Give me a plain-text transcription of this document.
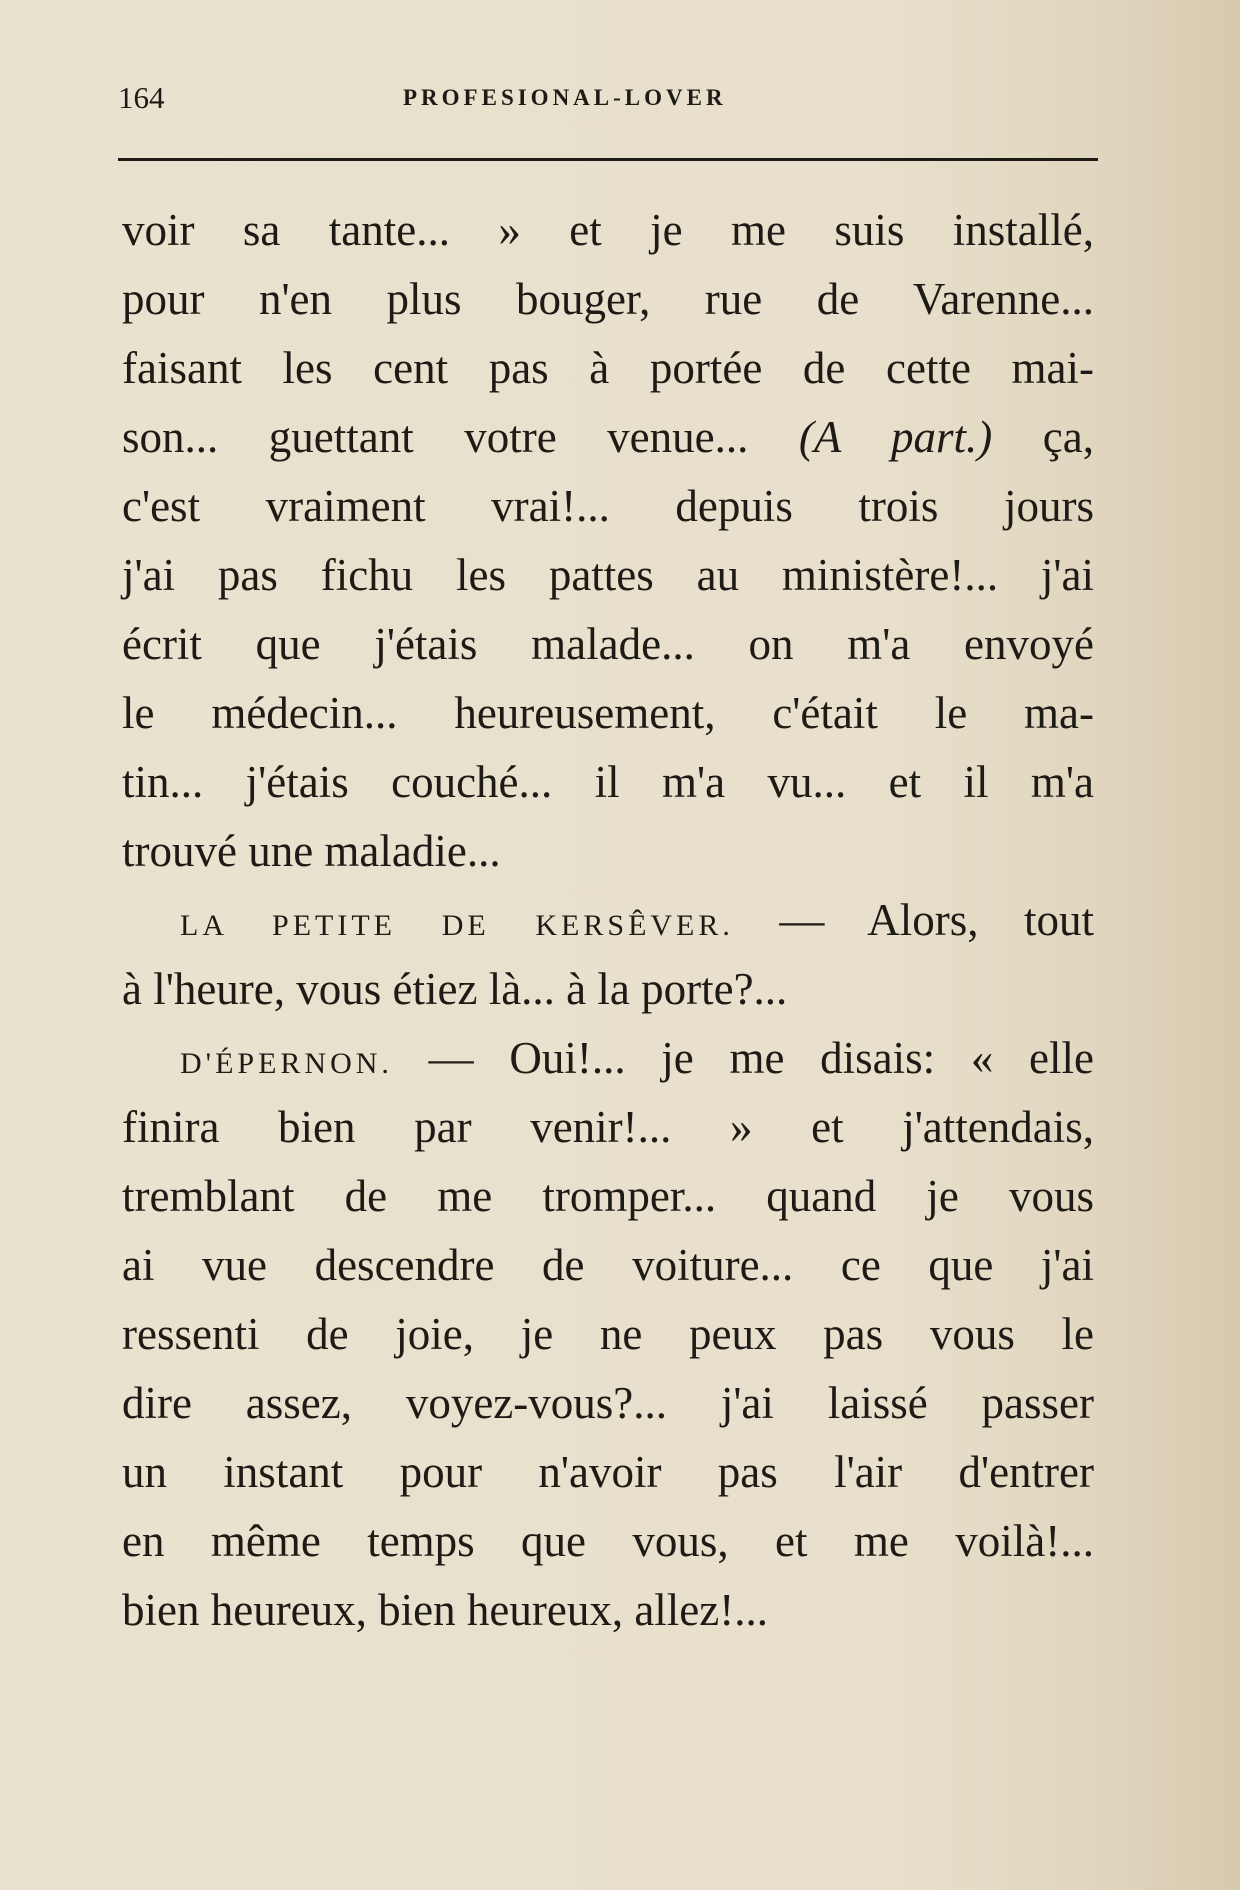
164	PROFESIONAL-LOVER
voir sa tante... » et je me suis installé,
pour n'en plus bouger, rue de Varenne...
faisant les cent pas à portée de cette mai-
son... guettant votre venue... (A part.) ça,
c'est vraiment vrai!... depuis trois jours
j'ai pas fichu les pattes au ministère!... j'ai
écrit que j'étais malade... on m'a envoyé
le médecin... heureusement, c'était le ma-
tin... j'étais couché... il m'a vu... et il m'a
trouvé une maladie...
LA PETITE DE KERSÊVER. — Alors, tout
à l'heure, vous étiez là... à la porte?...
D'ÉPERNON. — Oui!... je me disais: « elle
finira bien par venir!... » et j'attendais,
tremblant de me tromper... quand je vous
ai vue descendre de voiture... ce que j'ai
ressenti de joie, je ne peux pas vous le
dire assez, voyez-vous?... j'ai laissé passer
un instant pour n'avoir pas l'air d'entrer
en même temps que vous, et me voilà!...
bien heureux, bien heureux, allez!...
